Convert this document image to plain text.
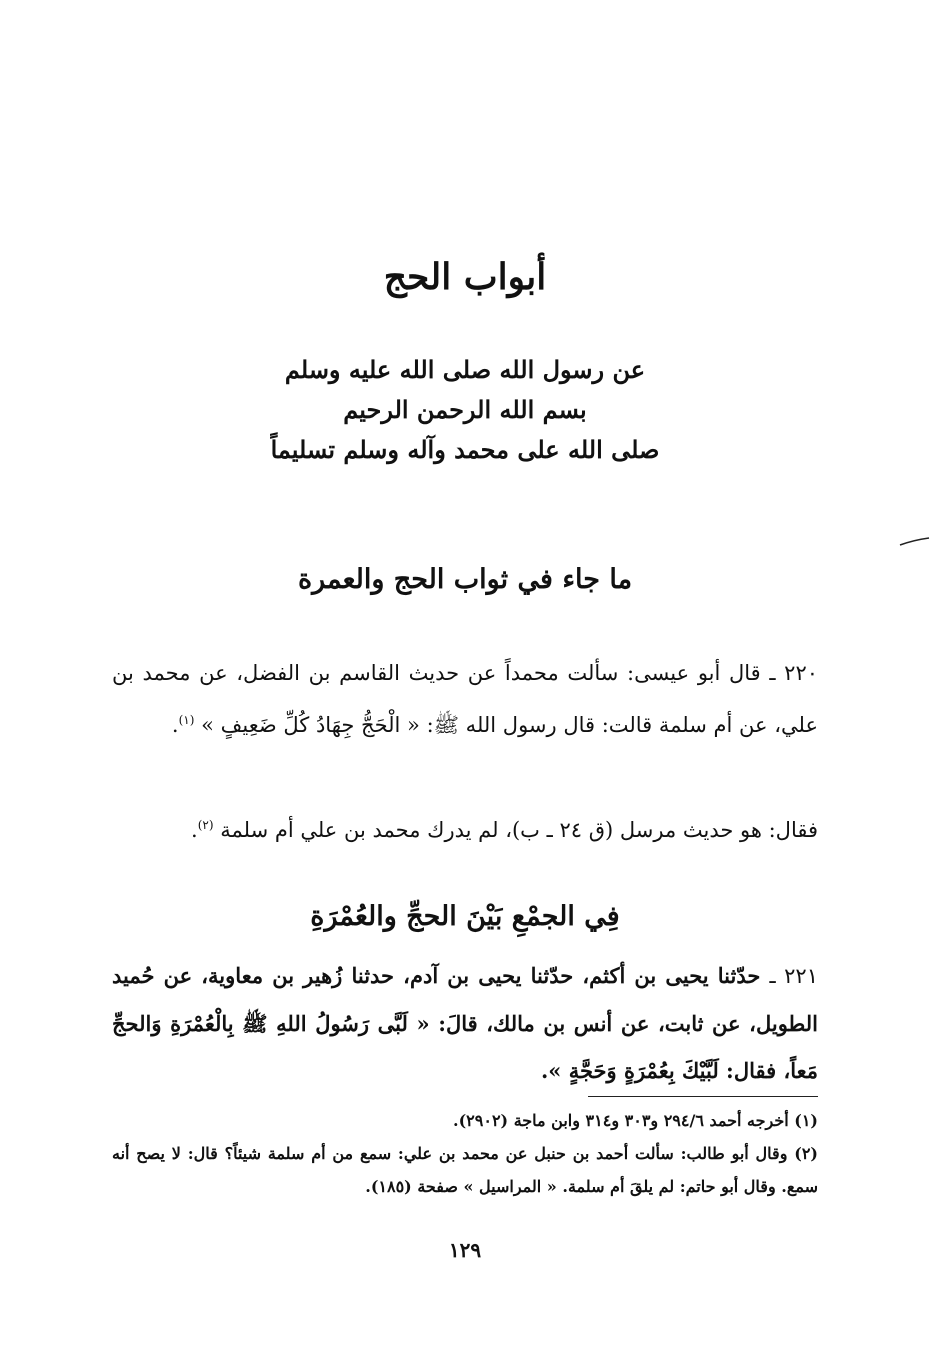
أبواب الحج
عن رسول الله صلى الله عليه وسلم
بسم الله الرحمن الرحيم
صلى الله على محمد وآله وسلم تسليماً
ما جاء في ثواب الحج والعمرة
٢٢٠ ـ قال أبو عيسى: سألت محمداً عن حديث القاسم بن الفضل، عن محمد بن علي، عن أم سلمة قالت: قال رسول الله ﷺ: « الْحَجُّ جِهَادُ كُلِّ ضَعِيفٍ » $^{(١)}$.
فقال: هو حديث مرسل (ق ٢٤ ـ ب)، لم يدرك محمد بن علي أم سلمة $^{(٢)}$.
فِي الجمْعِ بَيْنَ الحجِّ والعُمْرَةِ
٢٢١ ـ حدّثنا يحيى بن أكثم، حدّثنا يحيى بن آدم، حدثنا زُهير بن معاوية، عن حُميد الطويل، عن ثابت، عن أنس بن مالك، قالَ: « لَبَّى رَسُولُ اللهِ ﷺ بِالْعُمْرَةِ وَالحجِّ مَعاً، فقال: لَبَّيْكَ بِعُمْرَةٍ وَحَجَّةٍ ».
(١) أخرجه أحمد ٢٩٤/٦ و٣٠٣ و٣١٤ وابن ماجة (٢٩٠٢).
(٢) وقال أبو طالب: سألت أحمد بن حنبل عن محمد بن علي: سمع من أم سلمة شيئاً؟ قال: لا يصح أنه سمع. وقال أبو حاتم: لم يلقَ أم سلمة. « المراسيل » صفحة (١٨٥).
١٢٩
